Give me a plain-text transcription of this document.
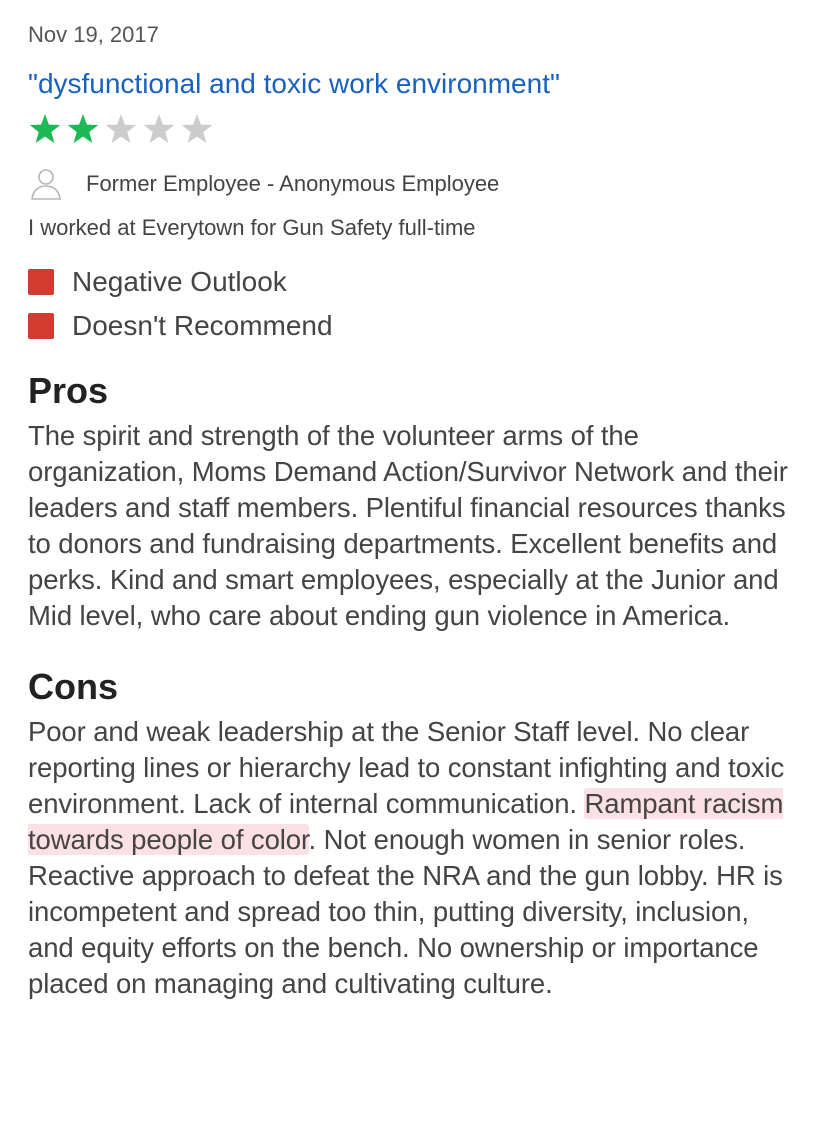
Nov 19, 2017

"dysfunctional and toxic work environment"
Former Employee - Anonymous Employee
I worked at Everytown for Gun Safety full-time
Negative Outlook
Doesn't Recommend
Pros

The spirit and strength of the volunteer arms of the organization, Moms Demand Action/Survivor Network and their leaders and staff members. Plentiful financial resources thanks to donors and fundraising departments. Excellent benefits and perks. Kind and smart employees, especially at the Junior and Mid level, who care about ending gun violence in America.

Cons

Poor and weak leadership at the Senior Staff level. No clear reporting lines or hierarchy lead to constant infighting and toxic environment. Lack of internal communication. Rampant racism towards people of color. Not enough women in senior roles. Reactive approach to defeat the NRA and the gun lobby. HR is incompetent and spread too thin, putting diversity, inclusion, and equity efforts on the bench. No ownership or importance placed on managing and cultivating culture.
